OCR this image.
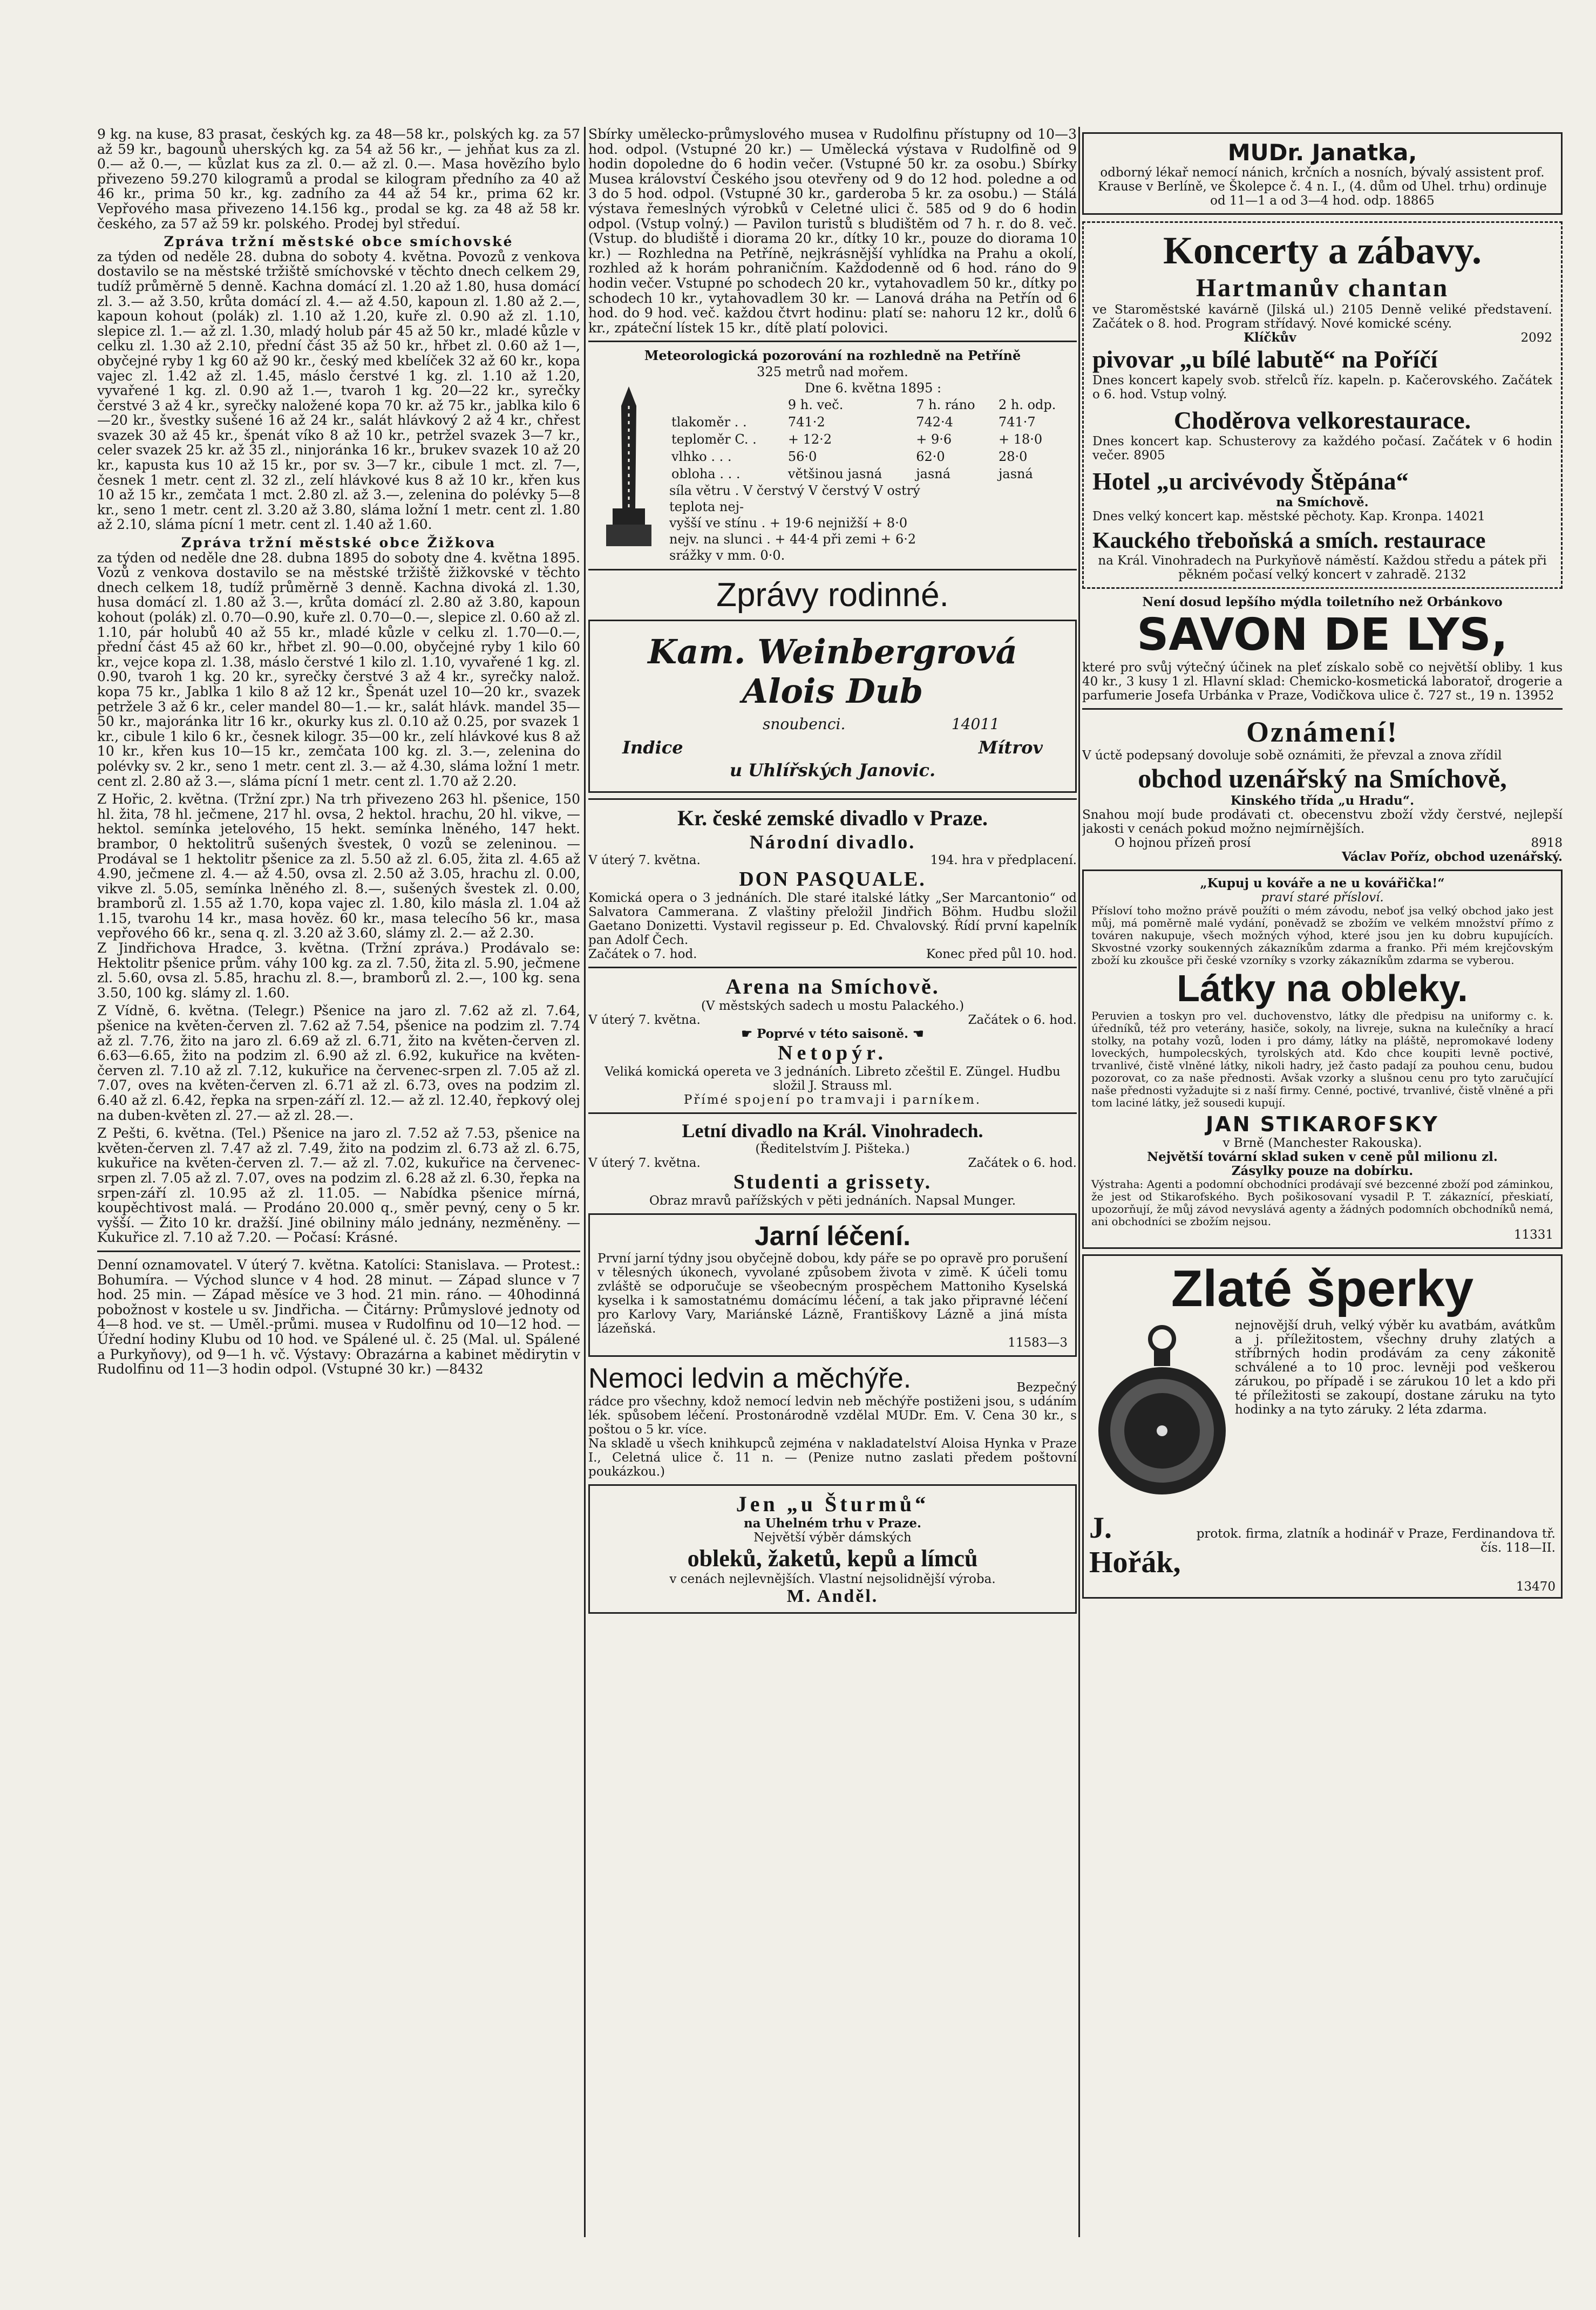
9 kg. na kuse, 83 prasat, českých kg. za 48—58 kr., polských kg. za 57 až 59 kr., bagounů uherských kg. za 54 až 56 kr., — jehňat kus za zl. 0.— až 0.—, — kůzlat kus za zl. 0.— až zl. 0.—. Masa hovězího bylo přivezeno 59.270 kilogramů a prodal se kilogram předního za 40 až 46 kr., prima 50 kr., kg. zadního za 44 až 54 kr., prima 62 kr. Vepřového masa přivezeno 14.156 kg., prodal se kg. za 48 až 58 kr. českého, za 57 až 59 kr. polského. Prodej byl středuí.

Zpráva tržní městské obce smíchovské

za týden od neděle 28. dubna do soboty 4. května. Povozů z venkova dostavilo se na městské tržiště smíchovské v těchto dnech celkem 29, tudíž průměrně 5 denně. Kachna domácí zl. 1.20 až 1.80, husa domácí zl. 3.— až 3.50, krůta domácí zl. 4.— až 4.50, kapoun zl. 1.80 až 2.—, kapoun kohout (polák) zl. 1.10 až 1.20, kuře zl. 0.90 až zl. 1.10, slepice zl. 1.— až zl. 1.30, mladý holub pár 45 až 50 kr., mladé kůzle v celku zl. 1.30 až 2.10, přední část 35 až 50 kr., hřbet zl. 0.60 až 1—, obyčejné ryby 1 kg 60 až 90 kr., český med kbelíček 32 až 60 kr., kopa vajec zl. 1.42 až zl. 1.45, máslo čerstvé 1 kg. zl. 1.10 až 1.20, vyvařené 1 kg. zl. 0.90 až 1.—, tvaroh 1 kg. 20—22 kr., syrečky čerstvé 3 až 4 kr., syrečky naložené kopa 70 kr. až 75 kr., jablka kilo 6—20 kr., švestky sušené 16 až 24 kr., salát hlávkový 2 až 4 kr., chřest svazek 30 až 45 kr., špenát víko 8 až 10 kr., petržel svazek 3—7 kr., celer svazek 25 kr. až 35 zl., ninjoránka 16 kr., brukev svazek 10 až 20 kr., kapusta kus 10 až 15 kr., por sv. 3—7 kr., cibule 1 mct. zl. 7—, česnek 1 metr. cent zl. 32 zl., zelí hlávkové kus 8 až 10 kr., křen kus 10 až 15 kr., zemčata 1 mct. 2.80 zl. až 3.—, zelenina do polévky 5—8 kr., seno 1 metr. cent zl. 3.20 až 3.80, sláma ložní 1 metr. cent zl. 1.80 až 2.10, sláma pícní 1 metr. cent zl. 1.40 až 1.60.

Zpráva tržní městské obce Žižkova

za týden od neděle dne 28. dubna 1895 do soboty dne 4. května 1895. Vozů z venkova dostavilo se na městské tržiště žižkovské v těchto dnech celkem 18, tudíž průměrně 3 denně. Kachna divoká zl. 1.30, husa domácí zl. 1.80 až 3.—, krůta domácí zl. 2.80 až 3.80, kapoun kohout (polák) zl. 0.70—0.90, kuře zl. 0.70—0.—, slepice zl. 0.60 až zl. 1.10, pár holubů 40 až 55 kr., mladé kůzle v celku zl. 1.70—0.—, přední část 45 až 60 kr., hřbet zl. 90—0.00, obyčejné ryby 1 kilo 60 kr., vejce kopa zl. 1.38, máslo čerstvé 1 kilo zl. 1.10, vyvařené 1 kg. zl. 0.90, tvaroh 1 kg. 20 kr., syrečky čerstvé 3 až 4 kr., syrečky nalož. kopa 75 kr., Jablka 1 kilo 8 až 12 kr., Špenát uzel 10—20 kr., svazek petržele 3 až 6 kr., celer mandel 80—1.— kr., salát hlávk. mandel 35—50 kr., majoránka litr 16 kr., okurky kus zl. 0.10 až 0.25, por svazek 1 kr., cibule 1 kilo 6 kr., česnek kilogr. 35—00 kr., zelí hlávkové kus 8 až 10 kr., křen kus 10—15 kr., zemčata 100 kg. zl. 3.—, zelenina do polévky sv. 2 kr., seno 1 metr. cent zl. 3.— až 4.30, sláma ložní 1 metr. cent zl. 2.80 až 3.—, sláma pícní 1 metr. cent zl. 1.70 až 2.20.

Z Hořic, 2. května. (Tržní zpr.) Na trh přivezeno 263 hl. pšenice, 150 hl. žita, 78 hl. ječmene, 217 hl. ovsa, 2 hektol. hrachu, 20 hl. vikve, — hektol. semínka jetelového, 15 hekt. semínka lněného, 147 hekt. brambor, 0 hektolitrů sušených švestek, 0 vozů se zeleninou. — Prodával se 1 hektolitr pšenice za zl. 5.50 až zl. 6.05, žita zl. 4.65 až 4.90, ječmene zl. 4.— až 4.50, ovsa zl. 2.50 až 3.05, hrachu zl. 0.00, vikve zl. 5.05, semínka lněného zl. 8.—, sušených švestek zl. 0.00, bramborů zl. 1.55 až 1.70, kopa vajec zl. 1.80, kilo másla zl. 1.04 až 1.15, tvarohu 14 kr., masa hověz. 60 kr., masa telecího 56 kr., masa vepřového 66 kr., sena q. zl. 3.20 až 3.60, slámy zl. 2.— až 2.30.

Z Jindřichova Hradce, 3. května. (Tržní zpráva.) Prodávalo se: Hektolitr pšenice prům. váhy 100 kg. za zl. 7.50, žita zl. 5.90, ječmene zl. 5.60, ovsa zl. 5.85, hrachu zl. 8.—, bramborů zl. 2.—, 100 kg. sena 3.50, 100 kg. slámy zl. 1.60.

Z Vídně, 6. května. (Telegr.) Pšenice na jaro zl. 7.62 až zl. 7.64, pšenice na květen-červen zl. 7.62 až 7.54, pšenice na podzim zl. 7.74 až zl. 7.76, žito na jaro zl. 6.69 až zl. 6.71, žito na květen-červen zl. 6.63—6.65, žito na podzim zl. 6.90 až zl. 6.92, kukuřice na květen-červen zl. 7.10 až zl. 7.12, kukuřice na červenec-srpen zl. 7.05 až zl. 7.07, oves na květen-červen zl. 6.71 až zl. 6.73, oves na podzim zl. 6.40 až zl. 6.42, řepka na srpen-září zl. 12.— až zl. 12.40, řepkový olej na duben-květen zl. 27.— až zl. 28.—.

Z Pešti, 6. května. (Tel.) Pšenice na jaro zl. 7.52 až 7.53, pšenice na květen-červen zl. 7.47 až zl. 7.49, žito na podzim zl. 6.73 až zl. 6.75, kukuřice na květen-červen zl. 7.— až zl. 7.02, kukuřice na červenec-srpen zl. 7.05 až zl. 7.07, oves na podzim zl. 6.28 až zl. 6.30, řepka na srpen-září zl. 10.95 až zl. 11.05. — Nabídka pšenice mírná, koupěchtivost malá. — Prodáno 20.000 q., směr pevný, ceny o 5 kr. vyšší. — Žito 10 kr. dražší. Jiné obilniny málo jednány, nezměněny. — Kukuřice zl. 7.10 až 7.20. — Počasí: Krásné.

Denní oznamovatel. V úterý 7. května. Katolíci: Stanislava. — Protest.: Bohumíra. — Východ slunce v 4 hod. 28 minut. — Západ slunce v 7 hod. 25 min. — Západ měsíce ve 3 hod. 21 min. ráno. — 40hodinná pobožnost v kostele u sv. Jindřicha. — Čitárny: Průmyslové jednoty od 4—8 hod. ve st. — Uměl.-průmi. musea v Rudolfinu od 10—12 hod. — Úřední hodiny Klubu od 10 hod. ve Spálené ul. č. 25 (Mal. ul. Spálené a Purkyňovy), od 9—1 h. vč. Výstavy: Obrazárna a kabinet mědirytin v Rudolfinu od 11—3 hodin odpol. (Vstupné 30 kr.) —8432

Sbírky umělecko-průmyslového musea v Rudolfinu přístupny od 10—3 hod. odpol. (Vstupné 20 kr.) — Umělecká výstava v Rudolfině od 9 hodin dopoledne do 6 hodin večer. (Vstupné 50 kr. za osobu.) Sbírky Musea království Českého jsou otevřeny od 9 do 12 hod. poledne a od 3 do 5 hod. odpol. (Vstupné 30 kr., garderoba 5 kr. za osobu.) — Stálá výstava řemeslných výrobků v Celetné ulici č. 585 od 9 do 6 hodin odpol. (Vstup volný.) — Pavilon turistů s bludištěm od 7 h. r. do 8. več. (Vstup. do bludiště i diorama 20 kr., dítky 10 kr., pouze do diorama 10 kr.) — Rozhledna na Petříně, nejkrásnější vyhlídka na Prahu a okolí, rozhled až k horám pohraničním. Každodenně od 6 hod. ráno do 9 hodin večer. Vstupné po schodech 20 kr., vytahovadlem 50 kr., dítky po schodech 10 kr., vytahovadlem 30 kr. — Lanová dráha na Petřín od 6 hod. do 9 hod. več. každou čtvrt hodinu: platí se: nahoru 12 kr., dolů 6 kr., zpáteční lístek 15 kr., dítě platí polovici.

Meteorologická pozorování na rozhledně na Petříně
325 metrů nad mořem.
Dne 6. května 1895 :
	9 h. več.	7 h. ráno	2 h. odp.
tlakoměr . .	741·2	742·4	741·7
teploměr C. .	+ 12·2	+ 9·6	+ 18·0
vlhko . . .	56·0	62·0	28·0
obloha . . .	většinou jasná	jasná	jasná
síla větru . V čerstvý V čerstvý V ostrý
teplota nej-
vyšší ve stínu . + 19·6 nejnižší + 8·0
nejv. na slunci . + 44·4 při zemi + 6·2
srážky v mm. 0·0.
Zprávy rodinné.
Kam. Weinbergrová
Alois Dub
snoubenci.	14011
Indice	Mítrov
u Uhlířských Janovic.
Kr. české zemské divadlo v Praze.
Národní divadlo.
V úterý 7. května.	194. hra v předplacení.
DON PASQUALE.

Komická opera o 3 jednáních. Dle staré italské látky „Ser Marcantonio“ od Salvatora Cammerana. Z vlaštiny přeložil Jindřich Böhm. Hudbu složil Gaetano Donizetti. Vystavil regisseur p. Ed. Chvalovský. Řídí první kapelník pan Adolf Čech.

Začátek o 7. hod.	Konec před půl 10. hod.
Arena na Smíchově.
(V městských sadech u mostu Palackého.)
V úterý 7. května.	Začátek o 6. hod.
☛ Poprvé v této saisoně. ☚
Netopýr.

Veliká komická opereta ve 3 jednáních. Libreto zčeštil E. Züngel. Hudbu složil J. Strauss ml.

Přímé spojení po tramvaji i parníkem.
Letní divadlo na Král. Vinohradech.
(Ředitelstvím J. Pišteka.)
V úterý 7. května.	Začátek o 6. hod.
Studenti a grissety.

Obraz mravů pařížských v pěti jednáních. Napsal Munger.

Jarní léčení.

První jarní týdny jsou obyčejně dobou, kdy páře se po opravě pro porušení v tělesných úkonech, vyvolané způsobem života v zimě. K účeli tomu zvláště se odporučuje se všeobecným prospěchem Mattoniho Kyselská kyselka i k samostatnému domácímu léčení, a tak jako připravné léčení pro Karlovy Vary, Mariánské Lázně, Františkovy Lázně a jiná místa lázeňská.

11583—3
Nemoci ledvin a měchýře.	Bezpečný

rádce pro všechny, kdož nemocí ledvin neb měchýře postiženi jsou, s udáním lék. spůsobem léčení. Prostonárodně vzdělal MUDr. Em. V. Cena 30 kr., s poštou o 5 kr. více.

Na skladě u všech knihkupců zejména v nakladatelství Aloisa Hynka v Praze I., Celetná ulice č. 11 n. — (Penize nutno zaslati předem poštovní poukázkou.)

Jen „u Šturmů“
na Uhelném trhu v Praze.
Největší výběr dámských
obleků, žaketů, kepů a límců
v cenách nejlevnějších. Vlastní nejsolidnější výroba.
M. Anděl.
MUDr. Janatka,

odborný lékař nemocí nánich, krčních a nosních, bývalý assistent prof. Krause v Berlíně, ve Školepce č. 4 n. I., (4. dům od Uhel. trhu) ordinuje od 11—1 a od 3—4 hod. odp. 18865

Koncerty a zábavy.
Hartmanův chantan

ve Staroměstské kavárně (Jilská ul.) 2105 Denně veliké představení. Začátek o 8. hod. Program střídavý. Nové komické scény.

Klíčkův	2092
pivovar „u bílé labutě“ na Poříčí

Dnes koncert kapely svob. střelců říz. kapeln. p. Kačerovského. Začátek o 6. hod. Vstup volný.

Choděrova velkorestaurace.

Dnes koncert kap. Schusterovy za každého počasí. Začátek v 6 hodin večer. 8905

Hotel „u arcivévody Štěpána“
na Smíchově.

Dnes velký koncert kap. městské pěchoty. Kap. Kronpa. 14021

Kauckého třeboňská a smích. restaurace

na Král. Vinohradech na Purkyňově náměstí. Každou středu a pátek při pěkném počasí velký koncert v zahradě. 2132

Není dosud lepšího mýdla toiletního než Orbánkovo
SAVON DE LYS,

které pro svůj výtečný účinek na pleť získalo sobě co největší obliby. 1 kus 40 kr., 3 kusy 1 zl. Hlavní sklad: Chemicko-kosmetická laboratoř, drogerie a parfumerie Josefa Urbánka v Praze, Vodičkova ulice č. 727 st., 19 n. 13952

Oznámení!

V úctě podepsaný dovoluje sobě oznámiti, že převzal a znova zřídil

obchod uzenářský na Smíchově,
Kinského třída „u Hradu“.

Snahou mojí bude prodávati ct. obecenstvu zboží vždy čerstvé, nejlepší jakosti v cenách pokud možno nejmírnějších.

O hojnou přízeň prosí	8918
Václav Poříz, obchod uzenářský.
„Kupuj u kováře a ne u kovářička!“
praví staré přísloví.

Přísloví toho možno právě použíti o mém závodu, neboť jsa velký obchod jako jest můj, má poměrně malé vydání, poněvadž se zbožím ve velkém množství přímo z továren nakupuje, všech možných výhod, které jsou jen ku dobru kupujících. Skvostné vzorky soukenných zákazníkům zdarma a franko. Při mém krejčovským zboží ku zkoušce při české vzorníky s vzorky zákazníkům zdarma se vyberou.

Látky na obleky.

Peruvien a toskyn pro vel. duchovenstvo, látky dle předpisu na uniformy c. k. úředníků, též pro veterány, hasiče, sokoly, na livreje, sukna na kulečníky a hrací stolky, na potahy vozů, loden i pro dámy, látky na pláště, nepromokavé lodeny loveckých, humpolecských, tyrolských atd. Kdo chce koupiti levně poctivé, trvanlivé, čistě vlněné látky, nikoli hadry, jež často padají za pouhou cenu, budou pozorovat, co za naše přednosti. Avšak vzorky a slušnou cenu pro tyto zaručující naše přednosti vyžadujte si z naší firmy. Cenné, poctivé, trvanlivé, čistě vlněné a při tom laciné látky, jež sousedi kupují.

JAN STIKAROFSKY
v Brně (Manchester Rakouska).
Největší tovární sklad suken v ceně půl milionu zl.
Zásylky pouze na dobírku.

Výstraha: Agenti a podomní obchodníci prodávají své bezcenné zboží pod záminkou, že jest od Stikarofského. Bych pošikosovaní vysadil P. T. zákaznící, přeskiatí, upozorňují, že můj závod nevyslává agenty a žádných podomních obchodníků nemá, ani obchodníci se zbožím nejsou.

11331
Zlaté šperky

nejnovější druh, velký výběr ku avatbám, avátkům a j. příležitostem, všechny druhy zlatých a stříbrných hodin prodávám za ceny zákonitě schválené a to 10 proc. levněji pod veškerou zárukou, po případě i se zárukou 10 let a kdo při té příležitosti se zakoupí, dostane záruku na tyto hodinky a na tyto záruky. 2 léta zdarma.

J. Hořák,
protok. firma, zlatník a hodinář v Praze, Ferdinandova tř. čís. 118—II.
13470
